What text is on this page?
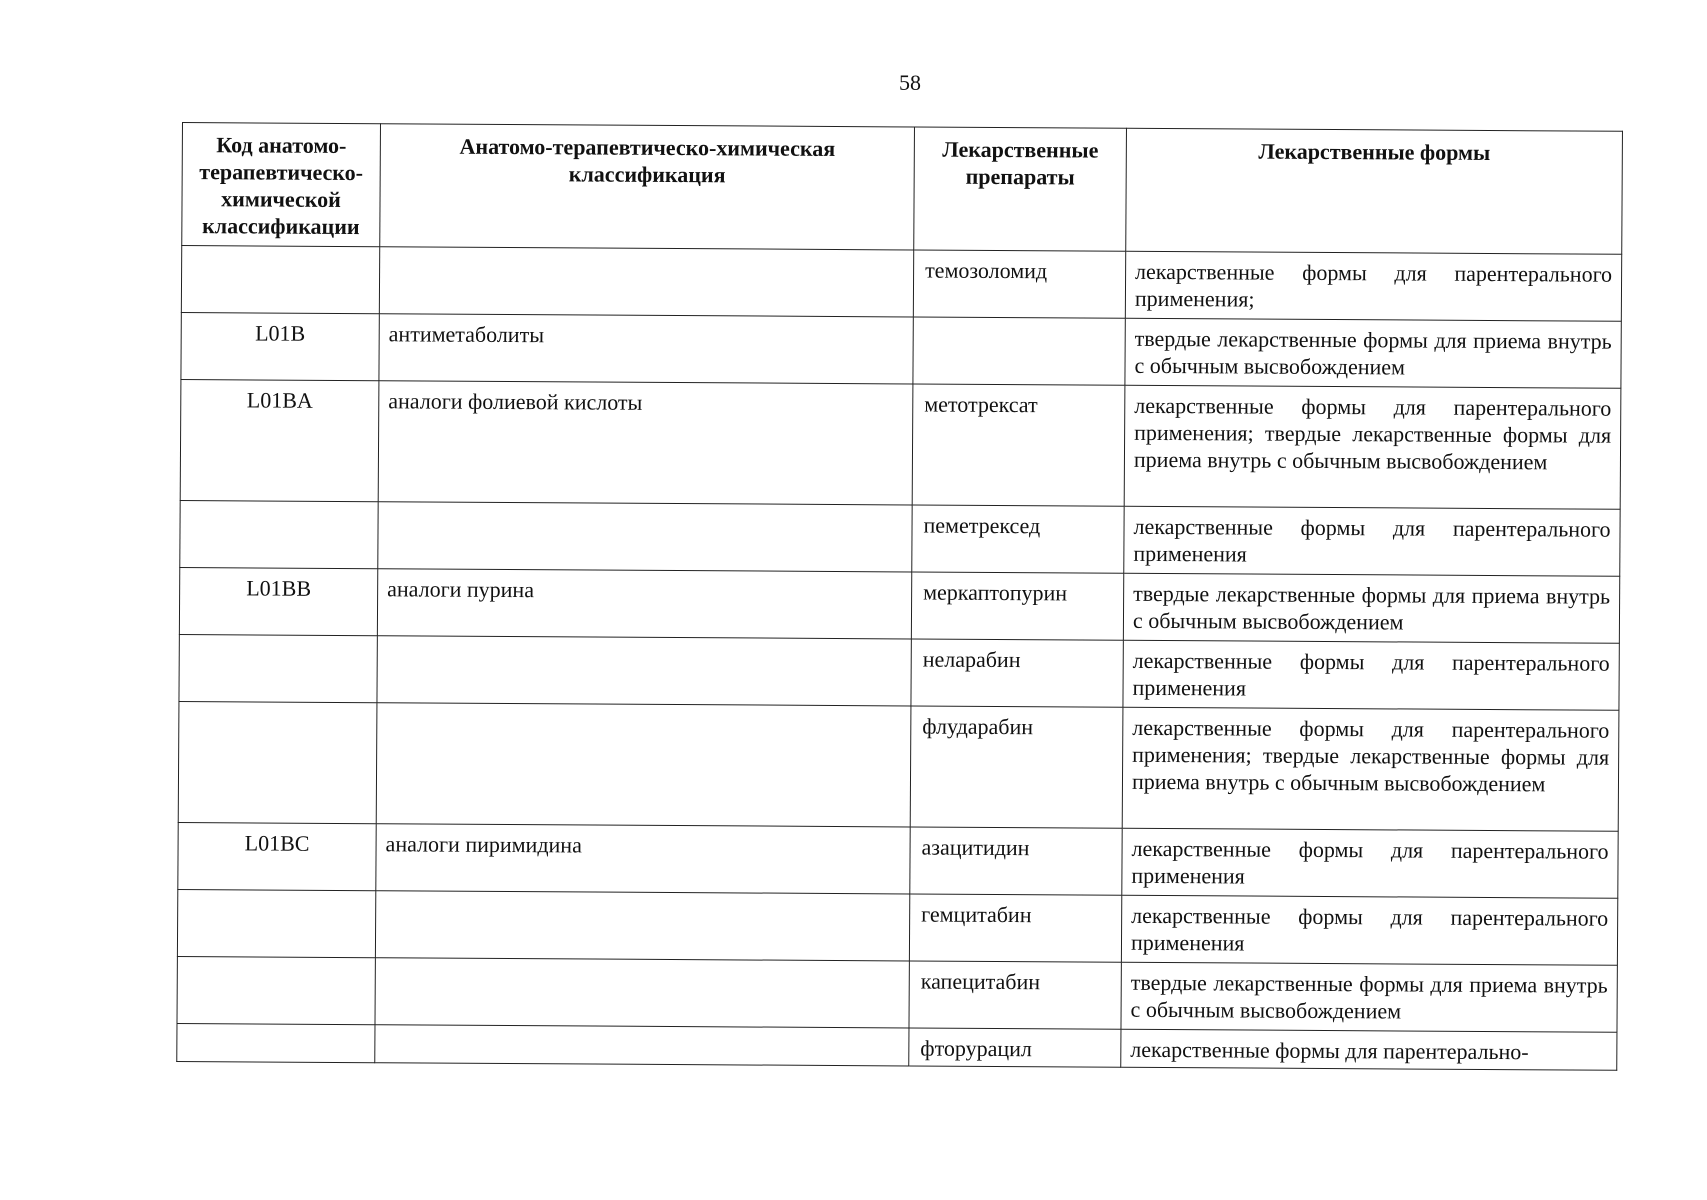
58
Код анатомо-терапевтическо-химической классификации	Анатомо-терапевтическо-химическая классификация	Лекарственные препараты	Лекарственные формы
		темозоломид	лекарственные формы для парентерального применения;
L01B	антиметаболиты		твердые лекарственные формы для приема внутрь с обычным высвобождением
L01BA	аналоги фолиевой кислоты	метотрексат	лекарственные формы для парентерального применения; твердые лекарственные формы для приема внутрь с обычным высвобождением
		пеметрексед	лекарственные формы для парентерального применения
L01BB	аналоги пурина	меркаптопурин	твердые лекарственные формы для приема внутрь с обычным высвобождением
		неларабин	лекарственные формы для парентерального применения
		флударабин	лекарственные формы для парентерального применения; твердые лекарственные формы для приема внутрь с обычным высвобождением
L01BC	аналоги пиримидина	азацитидин	лекарственные формы для парентерального применения
		гемцитабин	лекарственные формы для парентерального применения
		капецитабин	твердые лекарственные формы для приема внутрь с обычным высвобождением
		фторурацил	лекарственные формы для парентерально-
